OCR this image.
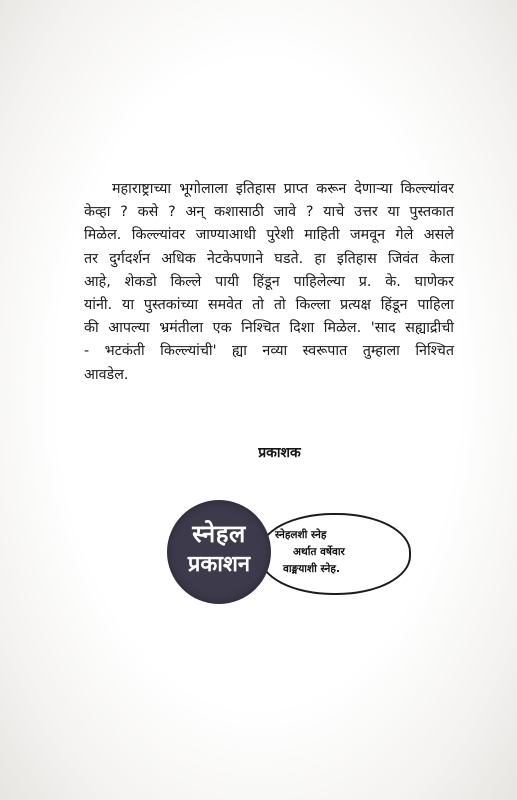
महाराष्ट्राच्या भूगोलाला इतिहास प्राप्त करून देणाऱ्या किल्ल्यांवर
केव्हा ? कसे ? अन् कशासाठी जावे ? याचे उत्तर या पुस्तकात
मिळेल. किल्ल्यांवर जाण्याआधी पुरेशी माहिती जमवून गेले असले
तर दुर्गदर्शन अधिक नेटकेपणाने घडते. हा इतिहास जिवंत केला
आहे, शेकडो किल्ले पायी हिंडून पाहिलेल्या प्र. के. घाणेकर
यांनी. या पुस्तकांच्या समवेत तो तो किल्ला प्रत्यक्ष हिंडून पाहिला
की आपल्या भ्रमंतीला एक निश्चित दिशा मिळेल. 'साद सह्याद्रीची
- भटकंती किल्ल्यांची' ह्या नव्या स्वरूपात तुम्हाला निश्चित
आवडेल.
प्रकाशक
स्नेहलशी स्नेह
अर्थात वर्षेवार
वाङ्मयाशी स्नेह.
स्नेहल
प्रकाशन
